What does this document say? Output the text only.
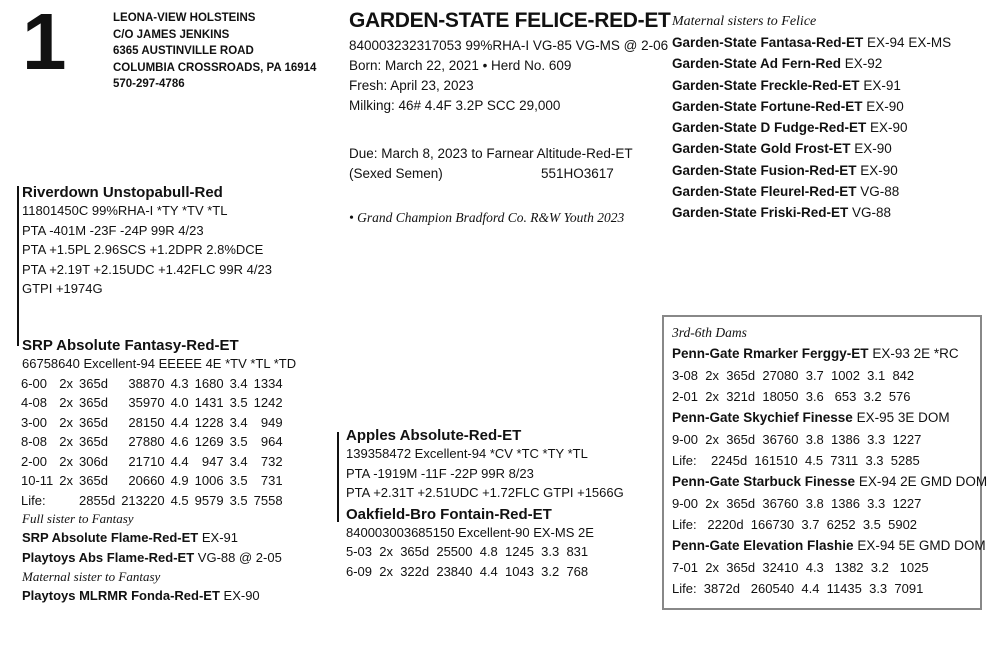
1	LEONA-VIEW HOLSTEINS
C/O JAMES JENKINS
6365 AUSTINVILLE ROAD
COLUMBIA CROSSROADS, PA 16914
570-297-4786
GARDEN-STATE FELICE-RED-ET
840003232317053 99%RHA-I VG-85 VG-MS @ 2-06
Born: March 22, 2021 • Herd No. 609
Fresh: April 23, 2023
Milking: 46# 4.4F 3.2P SCC 29,000
Due: March 8, 2023 to Farnear Altitude-Red-ET
(Sexed Semen)	551HO3617
• Grand Champion Bradford Co. R&W Youth 2023
Maternal sisters to Felice
Garden-State Fantasa-Red-ET EX-94 EX-MS
Garden-State Ad Fern-Red EX-92
Garden-State Freckle-Red-ET EX-91
Garden-State Fortune-Red-ET EX-90
Garden-State D Fudge-Red-ET EX-90
Garden-State Gold Frost-ET EX-90
Garden-State Fusion-Red-ET EX-90
Garden-State Fleurel-Red-ET VG-88
Garden-State Friski-Red-ET VG-88
Riverdown Unstopabull-Red
11801450C 99%RHA-I *TY *TV *TL
PTA -401M -23F -24P 99R 4/23
PTA +1.5PL 2.96SCS +1.2DPR 2.8%DCE
PTA +2.19T +2.15UDC +1.42FLC 99R 4/23
GTPI +1974G
SRP Absolute Fantasy-Red-ET
66758640 Excellent-94 EEEEE 4E *TV *TL *TD
6-00	2x	365d	38870	4.3	1680	3.4	1334
4-08	2x	365d	35970	4.0	1431	3.5	1242
3-00	2x	365d	28150	4.4	1228	3.4	949
8-08	2x	365d	27880	4.6	1269	3.5	964
2-00	2x	306d	21710	4.4	947	3.4	732
10-11	2x	365d	20660	4.9	1006	3.5	731
Life:		2855d	213220	4.5	9579	3.5	7558
Full sister to Fantasy
SRP Absolute Flame-Red-ET EX-91
Playtoys Abs Flame-Red-ET VG-88 @ 2-05
Maternal sister to Fantasy
Playtoys MLRMR Fonda-Red-ET EX-90
Apples Absolute-Red-ET
139358472 Excellent-94 *CV *TC *TY *TL
PTA -1919M -11F -22P 99R 8/23
PTA +2.31T +2.51UDC +1.72FLC GTPI +1566G
Oakfield-Bro Fontain-Red-ET
840003003685150 Excellent-90 EX-MS 2E
5-03  2x  365d  25500  4.8  1245  3.3  831
6-09  2x  322d  23840  4.4  1043  3.2  768
3rd-6th Dams
Penn-Gate Rmarker Ferggy-ET EX-93 2E *RC
3-08  2x  365d  27080  3.7  1002  3.1  842
2-01  2x  321d  18050  3.6   653  3.2  576
Penn-Gate Skychief Finesse EX-95 3E DOM
9-00  2x  365d  36760  3.8  1386  3.3  1227
Life:    2245d  161510  4.5  7311  3.3  5285
Penn-Gate Starbuck Finesse EX-94 2E GMD DOM
9-00  2x  365d  36760  3.8  1386  3.3  1227
Life:   2220d  166730  3.7  6252  3.5  5902
Penn-Gate Elevation Flashie EX-94 5E GMD DOM
7-01  2x  365d  32410  4.3   1382  3.2   1025
Life:  3872d   260540  4.4  11435  3.3  7091
